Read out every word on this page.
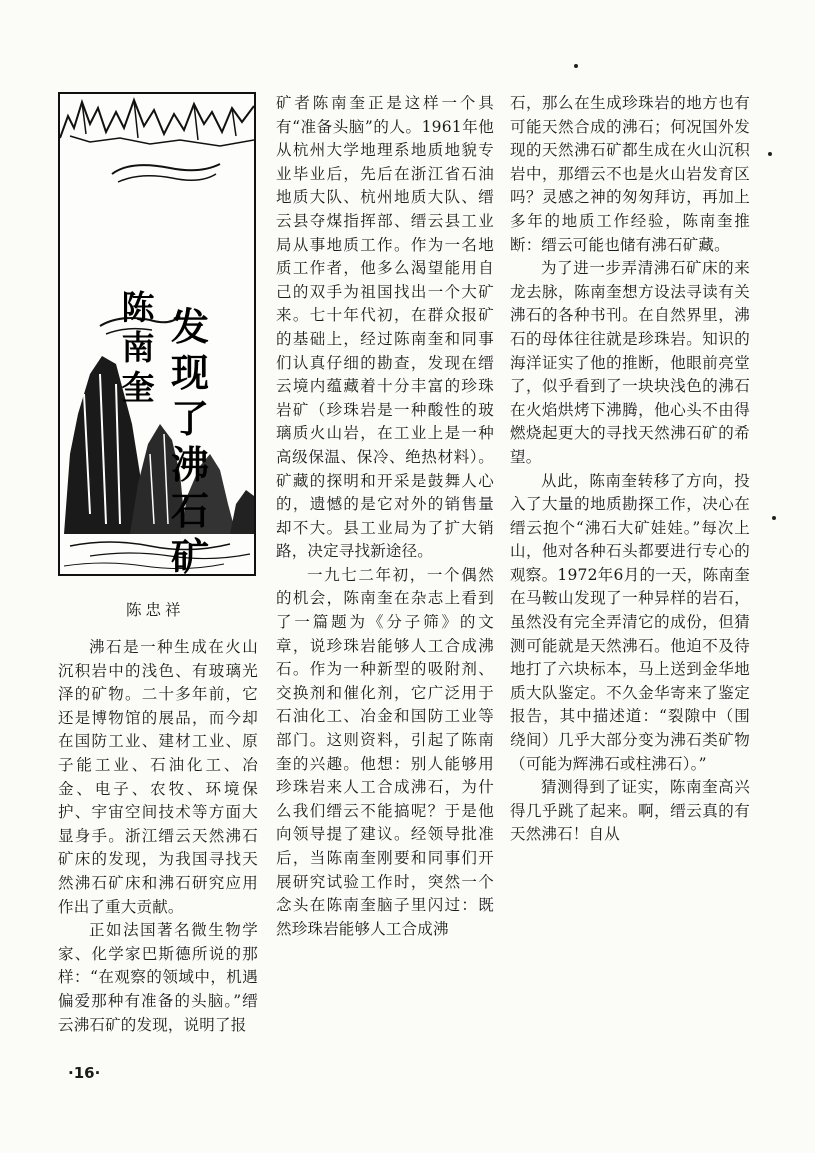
发现了沸石矿
陈南奎
陈忠祥

沸石是一种生成在火山沉积岩中的浅色、有玻璃光泽的矿物。二十多年前，它还是博物馆的展品，而今却在国防工业、建材工业、原子能工业、石油化工、冶金、电子、农牧、环境保护、宇宙空间技术等方面大显身手。浙江缙云天然沸石矿床的发现，为我国寻找天然沸石矿床和沸石研究应用作出了重大贡献。

正如法国著名微生物学家、化学家巴斯德所说的那样：“在观察的领域中，机遇偏爱那种有准备的头脑。”缙云沸石矿的发现，说明了报

矿者陈南奎正是这样一个具有“准备头脑”的人。1961年他从杭州大学地理系地质地貌专业毕业后，先后在浙江省石油地质大队、杭州地质大队、缙云县夺煤指挥部、缙云县工业局从事地质工作。作为一名地质工作者，他多么渴望能用自己的双手为祖国找出一个大矿来。七十年代初，在群众报矿的基础上，经过陈南奎和同事们认真仔细的勘查，发现在缙云境内蕴藏着十分丰富的珍珠岩矿（珍珠岩是一种酸性的玻璃质火山岩，在工业上是一种高级保温、保冷、绝热材料）。矿藏的探明和开采是鼓舞人心的，遗憾的是它对外的销售量却不大。县工业局为了扩大销路，决定寻找新途径。

一九七二年初，一个偶然的机会，陈南奎在杂志上看到了一篇题为《分子筛》的文章，说珍珠岩能够人工合成沸石。作为一种新型的吸附剂、交换剂和催化剂，它广泛用于石油化工、冶金和国防工业等部门。这则资料，引起了陈南奎的兴趣。他想：别人能够用珍珠岩来人工合成沸石，为什么我们缙云不能搞呢？于是他向领导提了建议。经领导批准后，当陈南奎刚要和同事们开展研究试验工作时，突然一个念头在陈南奎脑子里闪过：既然珍珠岩能够人工合成沸

石，那么在生成珍珠岩的地方也有可能天然合成的沸石；何况国外发现的天然沸石矿都生成在火山沉积岩中，那缙云不也是火山岩发育区吗？灵感之神的匆匆拜访，再加上多年的地质工作经验，陈南奎推断：缙云可能也储有沸石矿藏。

为了进一步弄清沸石矿床的来龙去脉，陈南奎想方设法寻读有关沸石的各种书刊。在自然界里，沸石的母体往往就是珍珠岩。知识的海洋证实了他的推断，他眼前亮堂了，似乎看到了一块块浅色的沸石在火焰烘烤下沸腾，他心头不由得燃烧起更大的寻找天然沸石矿的希望。

从此，陈南奎转移了方向，投入了大量的地质勘探工作，决心在缙云抱个“沸石大矿娃娃。”每次上山，他对各种石头都要进行专心的观察。1972年6月的一天，陈南奎在马鞍山发现了一种异样的岩石，虽然没有完全弄清它的成份，但猜测可能就是天然沸石。他迫不及待地打了六块标本，马上送到金华地质大队鉴定。不久金华寄来了鉴定报告，其中描述道：“裂隙中（围绕间）几乎大部分变为沸石类矿物（可能为辉沸石或柱沸石）。”

猜测得到了证实，陈南奎高兴得几乎跳了起来。啊，缙云真的有天然沸石！自从

·16·
